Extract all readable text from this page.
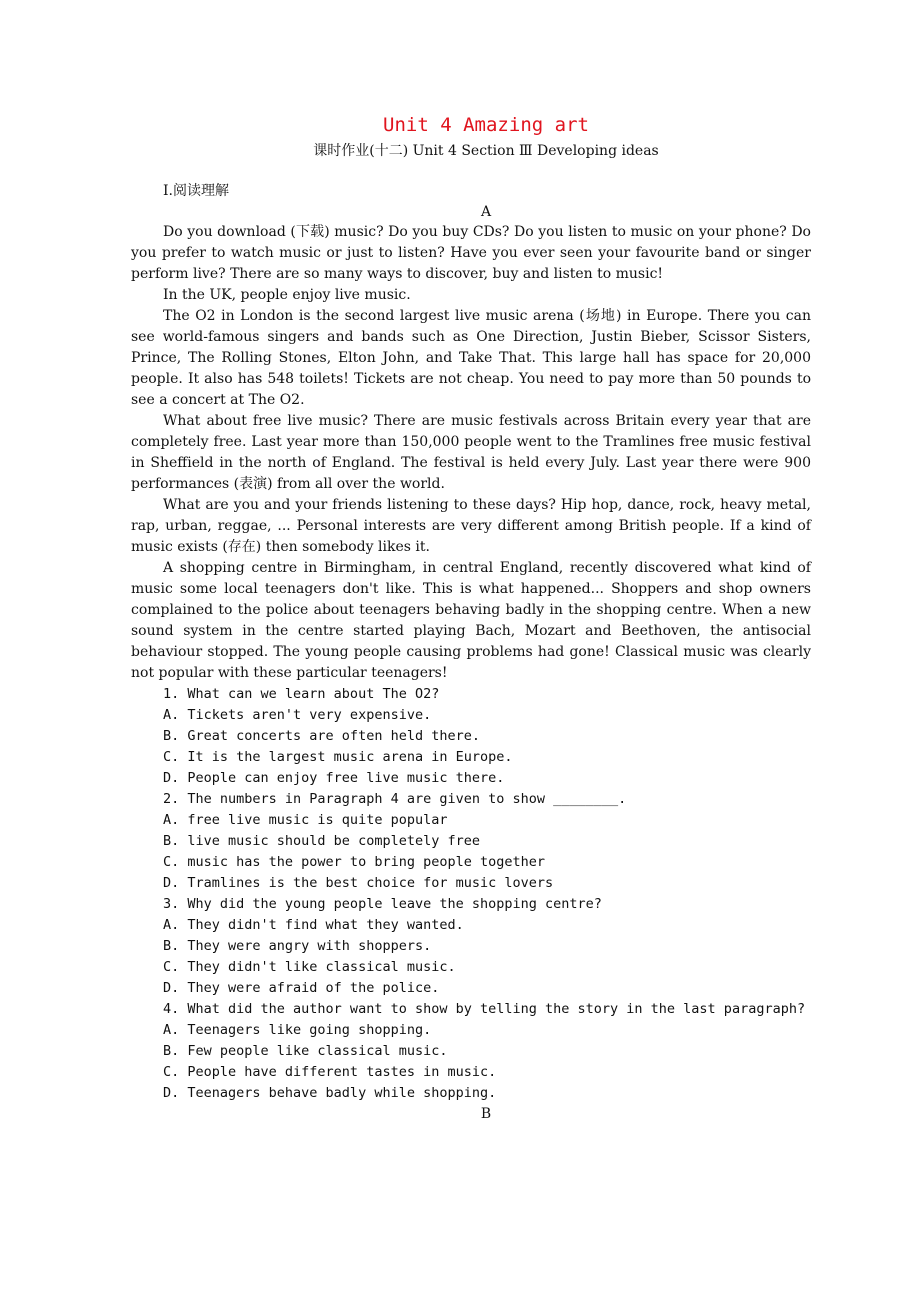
Unit 4 Amazing art
课时作业(十二) Unit 4 Section Ⅲ Developing ideas
Ⅰ.阅读理解
A

Do you download (下载) music? Do you buy CDs? Do you listen to music on your phone? Do you prefer to watch music or just to listen? Have you ever seen your favourite band or singer perform live? There are so many ways to discover, buy and listen to music!

In the UK, people enjoy live music.

The O2 in London is the second largest live music arena (场地) in Europe. There you can see world-famous singers and bands such as One Direction, Justin Bieber, Scissor Sisters, Prince, The Rolling Stones, Elton John, and Take That. This large hall has space for 20,000 people. It also has 548 toilets! Tickets are not cheap. You need to pay more than 50 pounds to see a concert at The O2.

What about free live music? There are music festivals across Britain every year that are completely free. Last year more than 150,000 people went to the Tramlines free music festival in Sheffield in the north of England. The festival is held every July. Last year there were 900 performances (表演) from all over the world.

What are you and your friends listening to these days? Hip hop, dance, rock, heavy metal, rap, urban, reggae, ... Personal interests are very different among British people. If a kind of music exists (存在) then somebody likes it.

A shopping centre in Birmingham, in central England, recently discovered what kind of music some local teenagers don't like. This is what happened... Shoppers and shop owners complained to the police about teenagers behaving badly in the shopping centre. When a new sound system in the centre started playing Bach, Mozart and Beethoven, the antisocial behaviour stopped. The young people causing problems had gone! Classical music was clearly not popular with these particular teenagers!

1. What can we learn about The O2?
A. Tickets aren't very expensive.
B. Great concerts are often held there.
C. It is the largest music arena in Europe.
D. People can enjoy free live music there.
2. The numbers in Paragraph 4 are given to show ________.
A. free live music is quite popular
B. live music should be completely free
C. music has the power to bring people together
D. Tramlines is the best choice for music lovers
3. Why did the young people leave the shopping centre?
A. They didn't find what they wanted.
B. They were angry with shoppers.
C. They didn't like classical music.
D. They were afraid of the police.
4. What did the author want to show by telling the story in the last paragraph?
A. Teenagers like going shopping.
B. Few people like classical music.
C. People have different tastes in music.
D. Teenagers behave badly while shopping.
B
